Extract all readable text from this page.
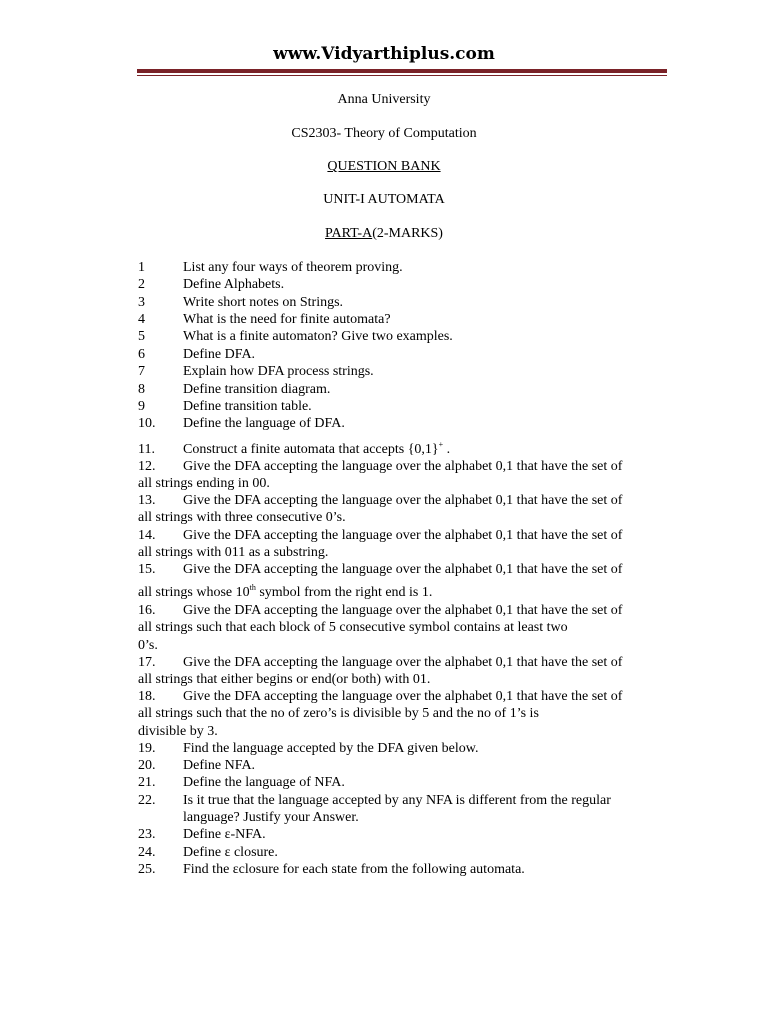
www.Vidyarthiplus.com
Anna University
CS2303- Theory of Computation
QUESTION BANK
UNIT-I AUTOMATA
PART-A(2-MARKS)
1	List any four ways of theorem proving.
2	Define Alphabets.
3	Write short notes on Strings.
4	What is the need for finite automata?
5	What is a finite automaton? Give two examples.
6	Define DFA.
7	Explain how DFA process strings.
8	Define transition diagram.
9	Define transition table.
10. Define the language of DFA.
11. Construct a finite automata that accepts {0,1}+ .
12. Give the DFA accepting the language over the alphabet 0,1 that have the set of
all strings ending in 00.
13. Give the DFA accepting the language over the alphabet 0,1 that have the set of
all strings with three consecutive 0’s.
14. Give the DFA accepting the language over the alphabet 0,1 that have the set of
all strings with 011 as a substring.
15. Give the DFA accepting the language over the alphabet 0,1 that have the set of
all strings whose 10th symbol from the right end is 1.
16. Give the DFA accepting the language over the alphabet 0,1 that have the set of
all strings such that each block of 5 consecutive symbol contains at least two
0’s.
17. Give the DFA accepting the language over the alphabet 0,1 that have the set of
all strings that either begins or end(or both) with 01.
18. Give the DFA accepting the language over the alphabet 0,1 that have the set of
all strings such that the no of zero’s is divisible by 5 and the no of 1’s is
divisible by 3.
19. Find the language accepted by the DFA given below.
20. Define NFA.
21. Define the language of NFA.
22. Is it true that the language accepted by any NFA is different from the regular
language? Justify your Answer.
23. Define ε-NFA.
24. Define ε closure.
25. Find the εclosure for each state from the following automata.
